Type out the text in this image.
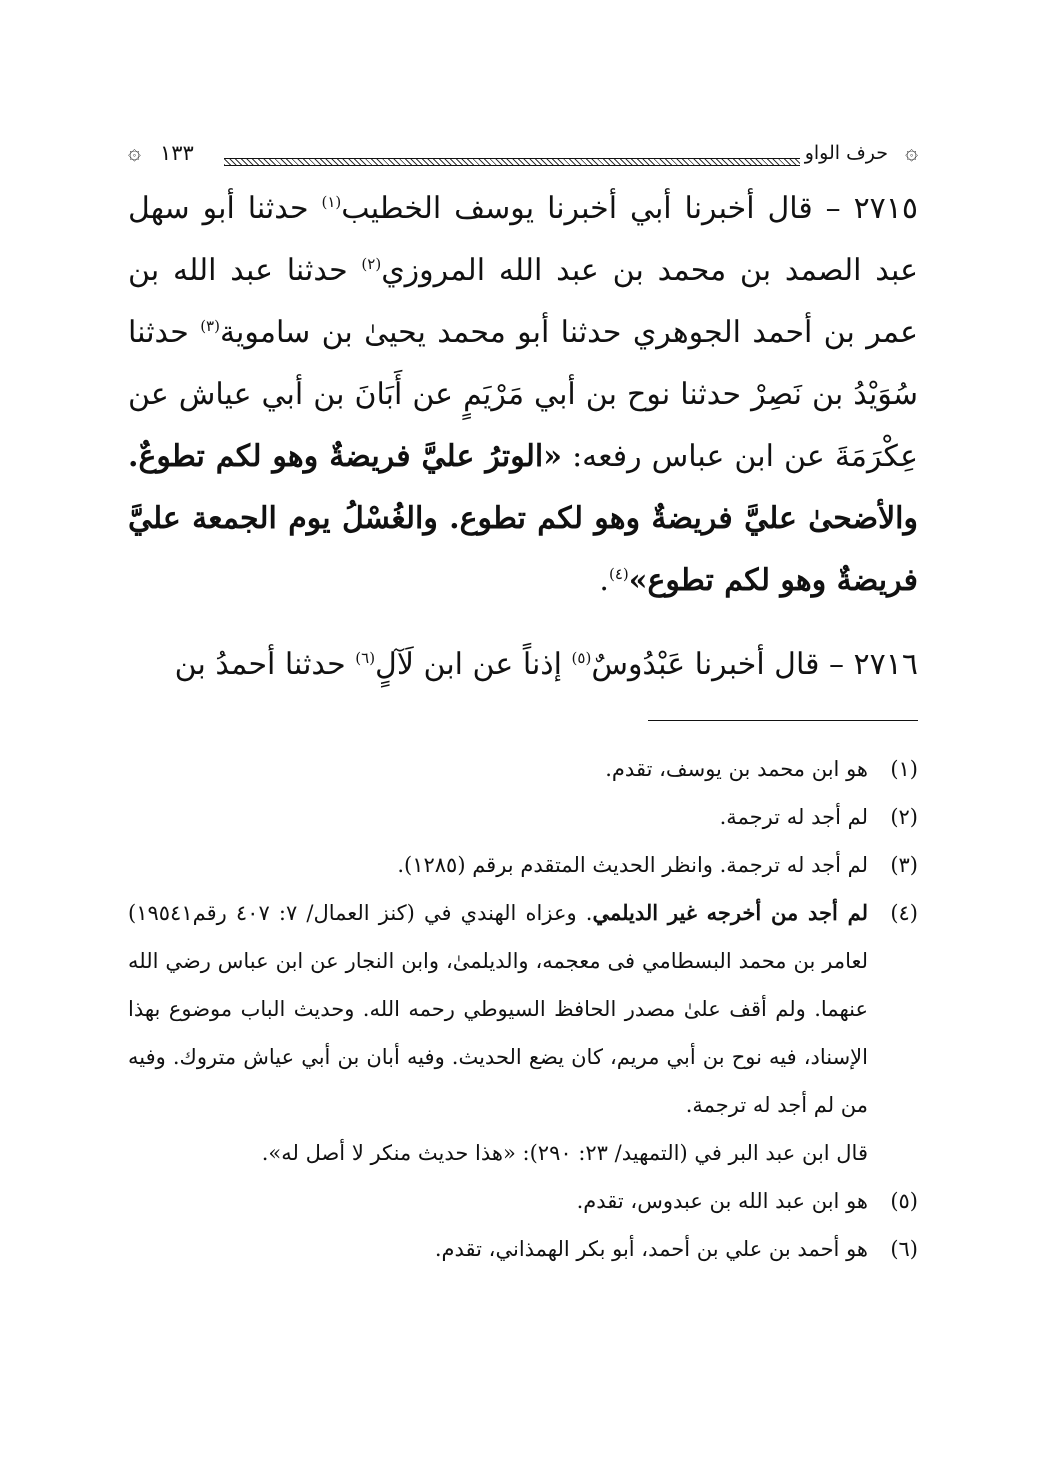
۞
حرف الواو
١٣٣
۞

٢٧١٥ – قال أخبرنا أبي أخبرنا يوسف الخطيب$^{(١)}$ حدثنا أبو سهل عبد الصمد بن محمد بن عبد الله المروزي$^{(٢)}$ حدثنا عبد الله بن عمر بن أحمد الجوهري حدثنا أبو محمد يحيىٰ بن ساموية$^{(٣)}$ حدثنا سُوَيْدُ بن نَصِرْ حدثنا نوح بن أبي مَرْيَمٍ عن أَبَانَ بن أبي عياش عن عِكْرَمَةَ عن ابن عباس رفعه: «الوترُ عليَّ فريضةٌ وهو لكم تطوعٌ. والأضحىٰ عليَّ فريضةٌ وهو لكم تطوع. والغُسْلُ يوم الجمعة عليَّ فريضةٌ وهو لكم تطوع»$^{(٤)}$.

٢٧١٦ – قال أخبرنا عَبْدُوسٌ$^{(٥)}$ إذناً عن ابن لَآلٍ$^{(٦)}$ حدثنا أحمدُ بن

(١)
هو ابن محمد بن يوسف، تقدم.
(٢)
لم أجد له ترجمة.
(٣)
لم أجد له ترجمة. وانظر الحديث المتقدم برقم (١٢٨٥).
(٤)
لم أجد من أخرجه غير الديلمي. وعزاه الهندي في (كنز العمال/ ٧: ٤٠٧ رقم١٩٥٤١) لعامر بن محمد البسطامي فى معجمه، والديلمىٰ، وابن النجار عن ابن عباس رضي الله عنهما. ولم أقف علىٰ مصدر الحافظ السيوطي رحمه الله. وحديث الباب موضوع بهذا الإسناد، فيه نوح بن أبي مريم، كان يضع الحديث. وفيه أبان بن أبي عياش متروك. وفيه من لم أجد له ترجمة.
قال ابن عبد البر في (التمهيد/ ٢٣: ٢٩٠): «هذا حديث منكر لا أصل له».
(٥)
هو ابن عبد الله بن عبدوس، تقدم.
(٦)
هو أحمد بن علي بن أحمد، أبو بكر الهمذاني، تقدم.
